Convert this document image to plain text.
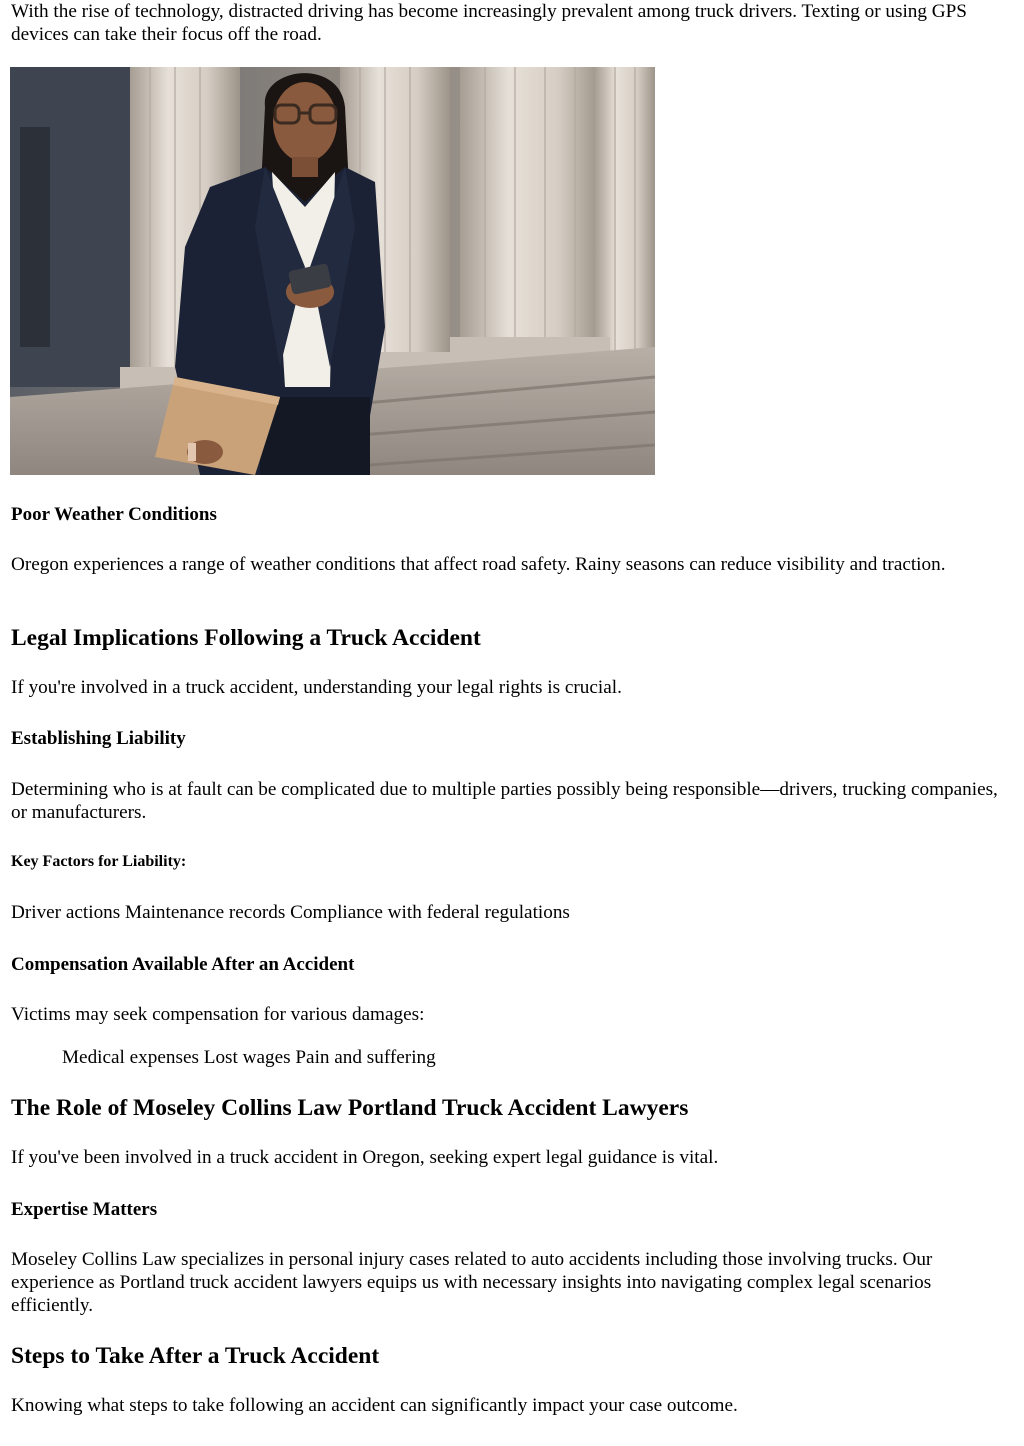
With the rise of technology, distracted driving has become increasingly prevalent among truck drivers. Texting or using GPS devices can take their focus off the road.

Poor Weather Conditions

Oregon experiences a range of weather conditions that affect road safety. Rainy seasons can reduce visibility and traction.

Legal Implications Following a Truck Accident

If you're involved in a truck accident, understanding your legal rights is crucial.

Establishing Liability

Determining who is at fault can be complicated due to multiple parties possibly being responsible—drivers, trucking companies, or manufacturers.

Key Factors for Liability:

Driver actions Maintenance records Compliance with federal regulations

Compensation Available After an Accident

Victims may seek compensation for various damages:

Medical expenses Lost wages Pain and suffering

The Role of Moseley Collins Law Portland Truck Accident Lawyers

If you've been involved in a truck accident in Oregon, seeking expert legal guidance is vital.

Expertise Matters

Moseley Collins Law specializes in personal injury cases related to auto accidents including those involving trucks. Our experience as Portland truck accident lawyers equips us with necessary insights into navigating complex legal scenarios efficiently.

Steps to Take After a Truck Accident

Knowing what steps to take following an accident can significantly impact your case outcome.
